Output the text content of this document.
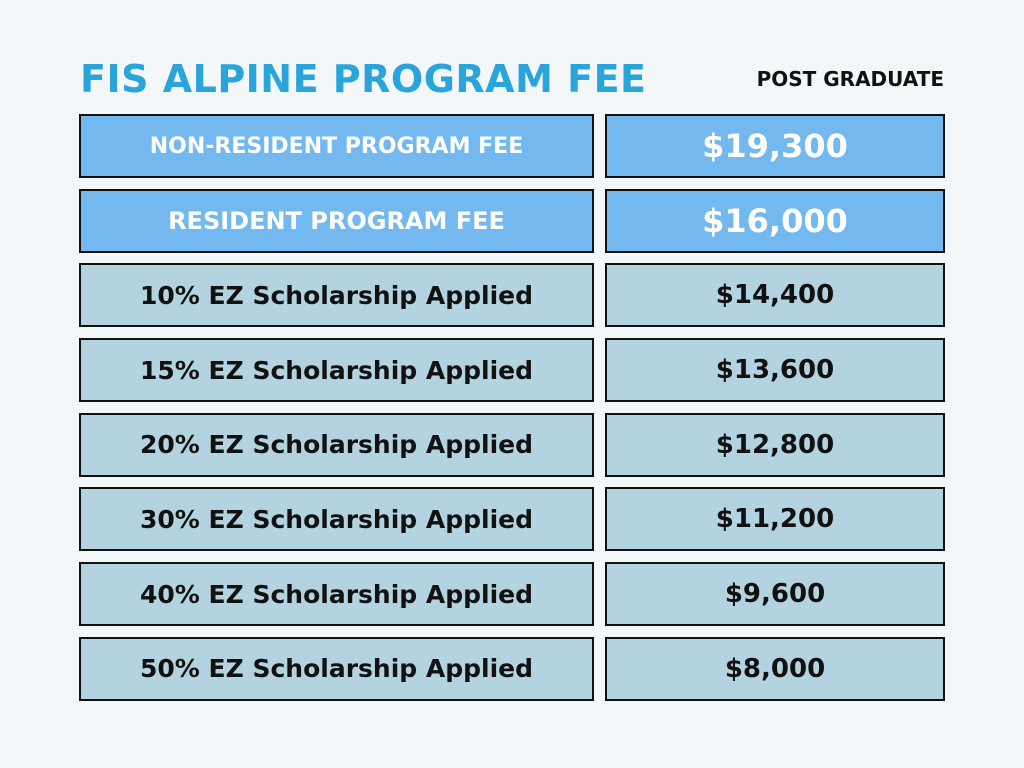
FIS ALPINE PROGRAM FEE	POST GRADUATE
NON-RESIDENT PROGRAM FEE	$19,300
RESIDENT PROGRAM FEE	$16,000
10% EZ Scholarship Applied	$14,400
15% EZ Scholarship Applied	$13,600
20% EZ Scholarship Applied	$12,800
30% EZ Scholarship Applied	$11,200
40% EZ Scholarship Applied	$9,600
50% EZ Scholarship Applied	$8,000
